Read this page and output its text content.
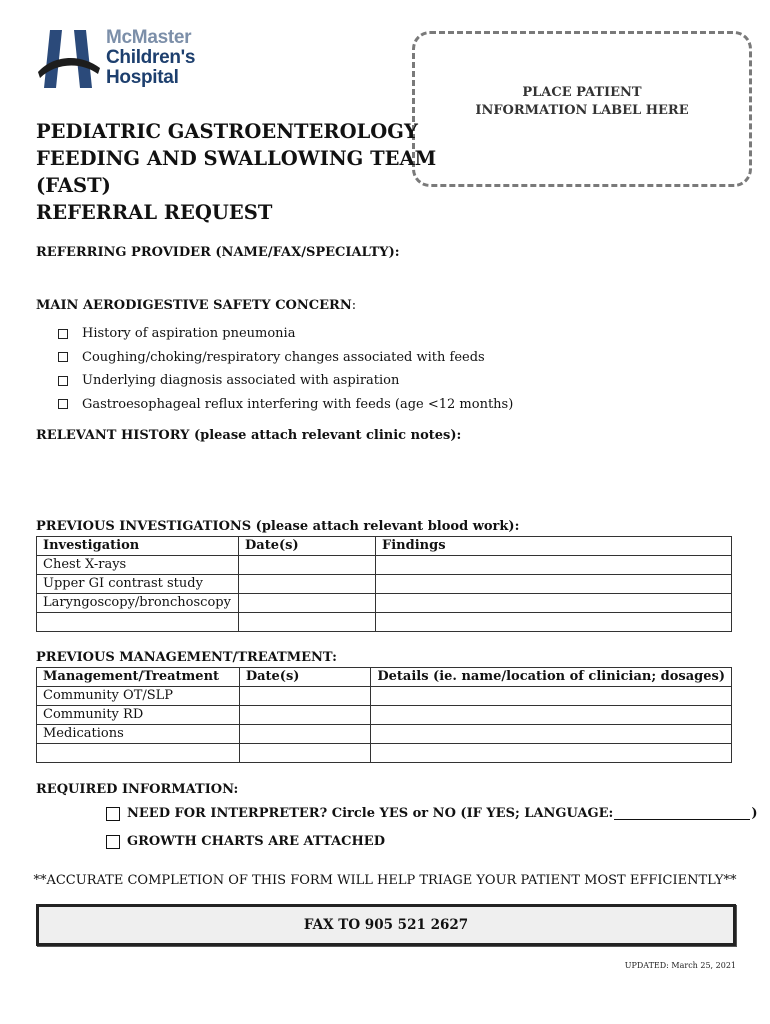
McMaster
Children's
Hospital
PLACE PATIENT
INFORMATION LABEL HERE
PEDIATRIC GASTROENTEROLOGY
FEEDING AND SWALLOWING TEAM
(FAST)
REFERRAL REQUEST
REFERRING PROVIDER (NAME/FAX/SPECIALTY):
MAIN AERODIGESTIVE SAFETY CONCERN:
History of aspiration pneumonia
Coughing/choking/respiratory changes associated with feeds
Underlying diagnosis associated with aspiration
Gastroesophageal reflux interfering with feeds (age <12 months)
RELEVANT HISTORY (please attach relevant clinic notes):
PREVIOUS INVESTIGATIONS (please attach relevant blood work):
Investigation	Date(s)	Findings
Chest X-rays		
Upper GI contrast study		
Laryngoscopy/bronchoscopy		

PREVIOUS MANAGEMENT/TREATMENT:
Management/Treatment	Date(s)	Details (ie. name/location of clinician; dosages)
Community OT/SLP		
Community RD		
Medications		

REQUIRED INFORMATION:
NEED FOR INTERPRETER? Circle YES or NO (IF YES; LANGUAGE:	)
GROWTH CHARTS ARE ATTACHED
**ACCURATE COMPLETION OF THIS FORM WILL HELP TRIAGE YOUR PATIENT MOST EFFICIENTLY**
FAX TO 905 521 2627
UPDATED: March 25, 2021
